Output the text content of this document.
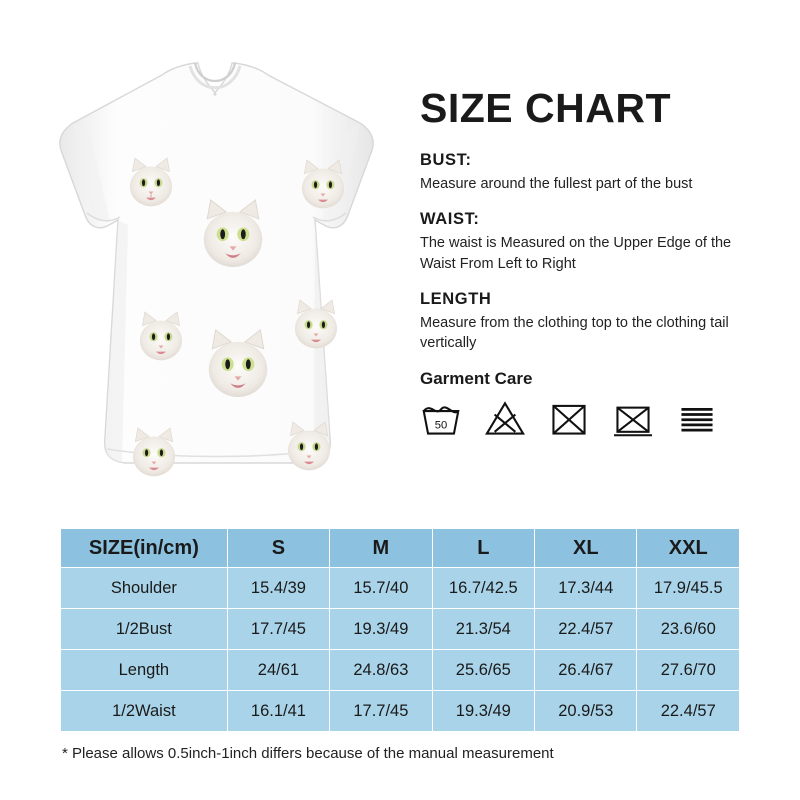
SIZE CHART

BUST:

Measure around the fullest part of the bust

WAIST:

The waist is Measured on the Upper Edge of the Waist From Left to Right

LENGTH

Measure from the clothing top to the clothing tail vertically

Garment Care

50
SIZE(in/cm)	S	M	L	XL	XXL
Shoulder	15.4/39	15.7/40	16.7/42.5	17.3/44	17.9/45.5
1/2Bust	17.7/45	19.3/49	21.3/54	22.4/57	23.6/60
Length	24/61	24.8/63	25.6/65	26.4/67	27.6/70
1/2Waist	16.1/41	17.7/45	19.3/49	20.9/53	22.4/57
* Please allows 0.5inch-1inch differs because of the manual measurement
